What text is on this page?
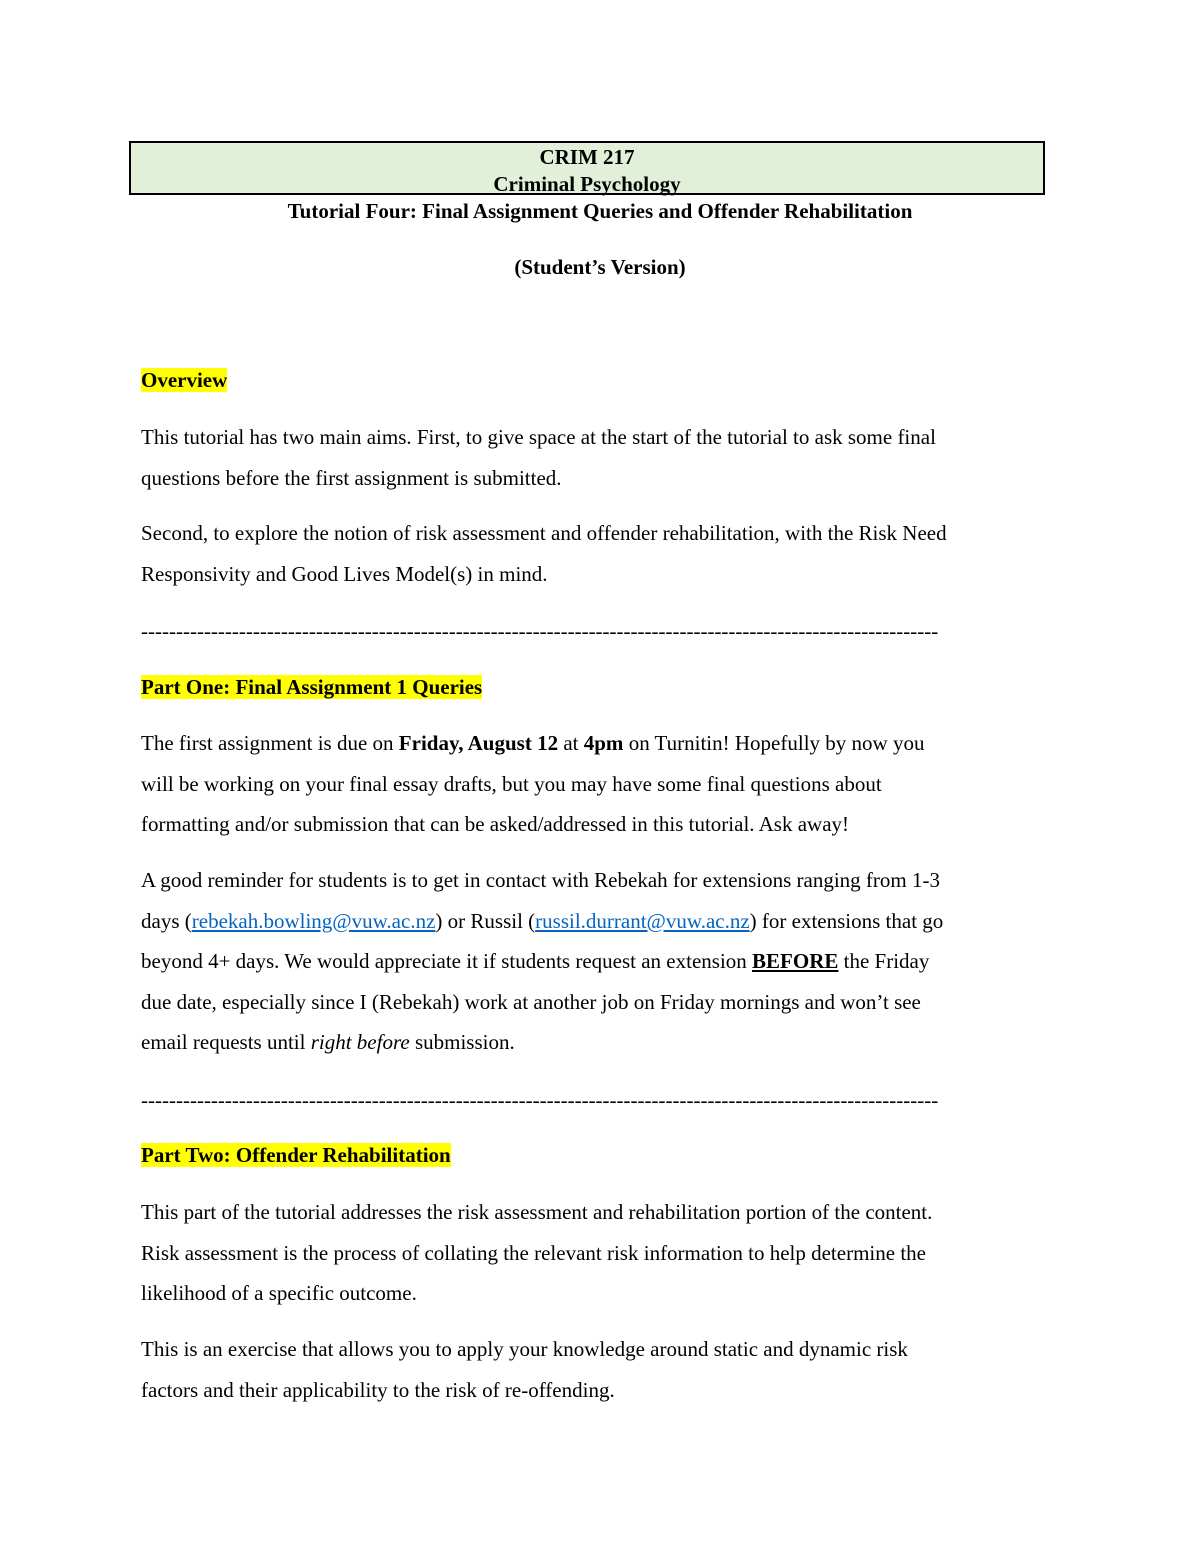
CRIM 217
Criminal Psychology
Tutorial Four: Final Assignment Queries and Offender Rehabilitation
(Student’s Version)
Overview
This tutorial has two main aims. First, to give space at the start of the tutorial to ask some final
questions before the first assignment is submitted.
Second, to explore the notion of risk assessment and offender rehabilitation, with the Risk Need
Responsivity and Good Lives Model(s) in mind.
------------------------------------------------------------------------------------------------------------------
Part One: Final Assignment 1 Queries
The first assignment is due on Friday, August 12 at 4pm on Turnitin! Hopefully by now you
will be working on your final essay drafts, but you may have some final questions about
formatting and/or submission that can be asked/addressed in this tutorial. Ask away!
A good reminder for students is to get in contact with Rebekah for extensions ranging from 1-3
days (rebekah.bowling@vuw.ac.nz) or Russil (russil.durrant@vuw.ac.nz) for extensions that go
beyond 4+ days. We would appreciate it if students request an extension BEFORE the Friday
due date, especially since I (Rebekah) work at another job on Friday mornings and won’t see
email requests until right before submission.
------------------------------------------------------------------------------------------------------------------
Part Two: Offender Rehabilitation
This part of the tutorial addresses the risk assessment and rehabilitation portion of the content.
Risk assessment is the process of collating the relevant risk information to help determine the
likelihood of a specific outcome.
This is an exercise that allows you to apply your knowledge around static and dynamic risk
factors and their applicability to the risk of re-offending.
